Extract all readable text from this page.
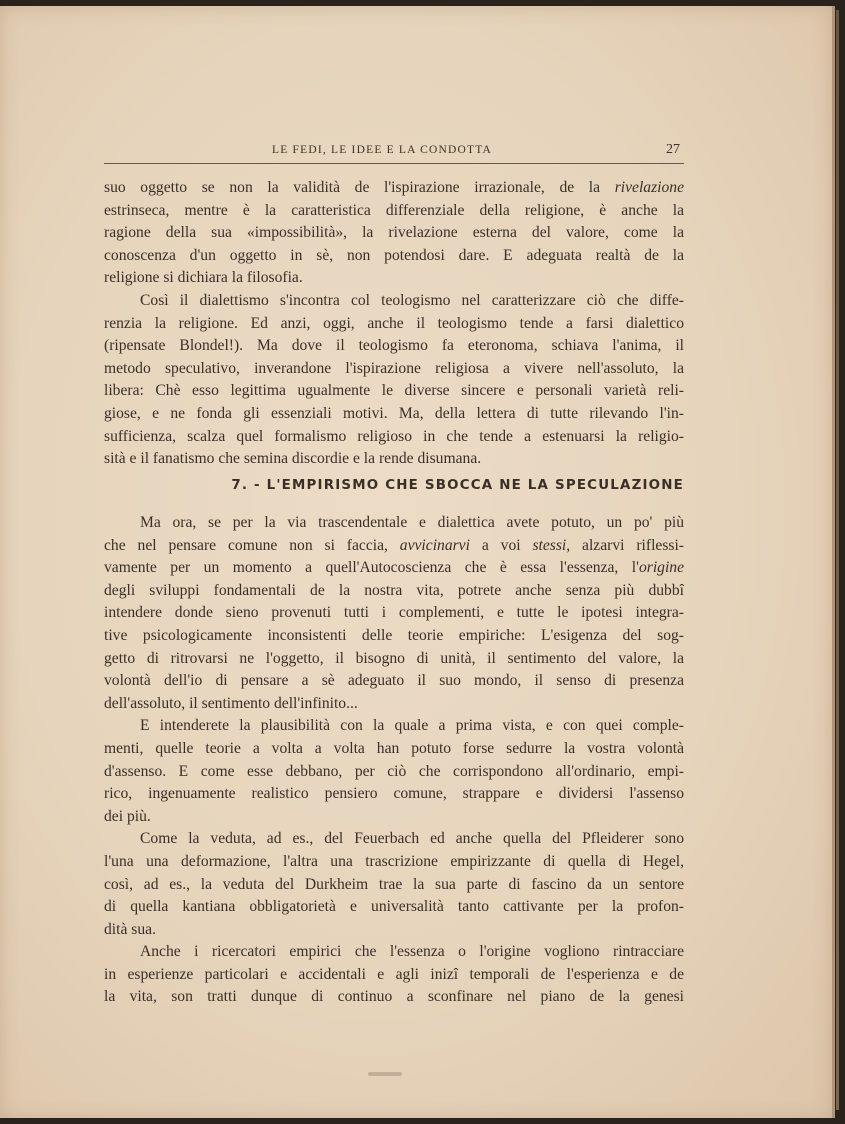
LE FEDI, LE IDEE E LA CONDOTTA	27
suo oggetto se non la validità de l'ispirazione irrazionale, de la rivelazione
estrinseca, mentre è la caratteristica differenziale della religione, è anche la
ragione della sua «impossibilità», la rivelazione esterna del valore, come la
conoscenza d'un oggetto in sè, non potendosi dare. E adeguata realtà de la
religione si dichiara la filosofia.
Così il dialettismo s'incontra col teologismo nel caratterizzare ciò che diffe-
renzia la religione. Ed anzi, oggi, anche il teologismo tende a farsi dialettico
(ripensate Blondel!). Ma dove il teologismo fa eteronoma, schiava l'anima, il
metodo speculativo, inverandone l'ispirazione religiosa a vivere nell'assoluto, la
libera: Chè esso legittima ugualmente le diverse sincere e personali varietà reli-
giose, e ne fonda gli essenziali motivi. Ma, della lettera di tutte rilevando l'in-
sufficienza, scalza quel formalismo religioso in che tende a estenuarsi la religio-
sità e il fanatismo che semina discordie e la rende disumana.
7. - L'EMPIRISMO CHE SBOCCA NE LA SPECULAZIONE
Ma ora, se per la via trascendentale e dialettica avete potuto, un po' più
che nel pensare comune non si faccia, avvicinarvi a voi stessi, alzarvi riflessi-
vamente per un momento a quell'Autocoscienza che è essa l'essenza, l'origine
degli sviluppi fondamentali de la nostra vita, potrete anche senza più dubbî
intendere donde sieno provenuti tutti i complementi, e tutte le ipotesi integra-
tive psicologicamente inconsistenti delle teorie empiriche: L'esigenza del sog-
getto di ritrovarsi ne l'oggetto, il bisogno di unità, il sentimento del valore, la
volontà dell'io di pensare a sè adeguato il suo mondo, il senso di presenza
dell'assoluto, il sentimento dell'infinito...
E intenderete la plausibilità con la quale a prima vista, e con quei comple-
menti, quelle teorie a volta a volta han potuto forse sedurre la vostra volontà
d'assenso. E come esse debbano, per ciò che corrispondono all'ordinario, empi-
rico, ingenuamente realistico pensiero comune, strappare e dividersi l'assenso
dei più.
Come la veduta, ad es., del Feuerbach ed anche quella del Pfleiderer sono
l'una una deformazione, l'altra una trascrizione empirizzante di quella di Hegel,
così, ad es., la veduta del Durkheim trae la sua parte di fascino da un sentore
di quella kantiana obbligatorietà e universalità tanto cattivante per la profon-
dità sua.
Anche i ricercatori empirici che l'essenza o l'origine vogliono rintracciare
in esperienze particolari e accidentali e agli inizî temporali de l'esperienza e de
la vita, son tratti dunque di continuo a sconfinare nel piano de la genesi
